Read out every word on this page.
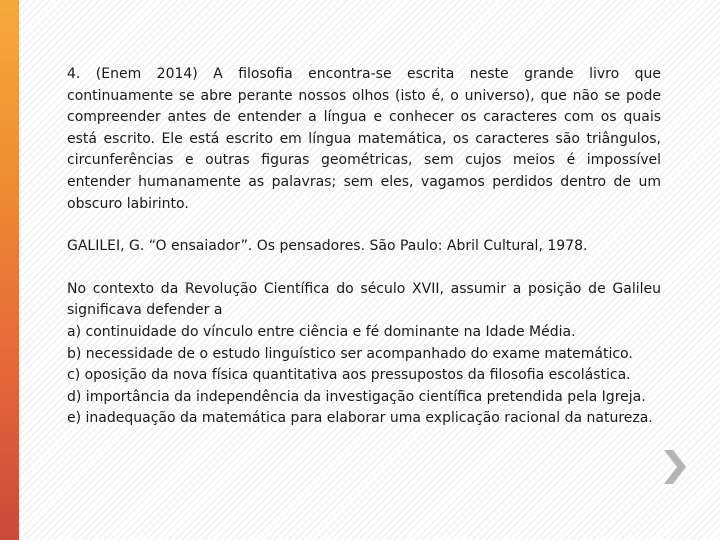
4. (Enem 2014) A filosofia encontra-se escrita neste grande livro que continuamente se abre perante nossos olhos (isto é, o universo), que não se pode compreender antes de entender a língua e conhecer os caracteres com os quais está escrito. Ele está escrito em língua matemática, os caracteres são triângulos, circunferências e outras figuras geométricas, sem cujos meios é impossível entender humanamente as palavras; sem eles, vagamos perdidos dentro de um obscuro labirinto.

GALILEI, G. “O ensaiador”. Os pensadores. São Paulo: Abril Cultural, 1978.

No contexto da Revolução Científica do século XVII, assumir a posição de Galileu significava defender a

a) continuidade do vínculo entre ciência e fé dominante na Idade Média.

b) necessidade de o estudo linguístico ser acompanhado do exame matemático.

c) oposição da nova física quantitativa aos pressupostos da filosofia escolástica.

d) importância da independência da investigação científica pretendida pela Igreja.

e) inadequação da matemática para elaborar uma explicação racional da natureza.
